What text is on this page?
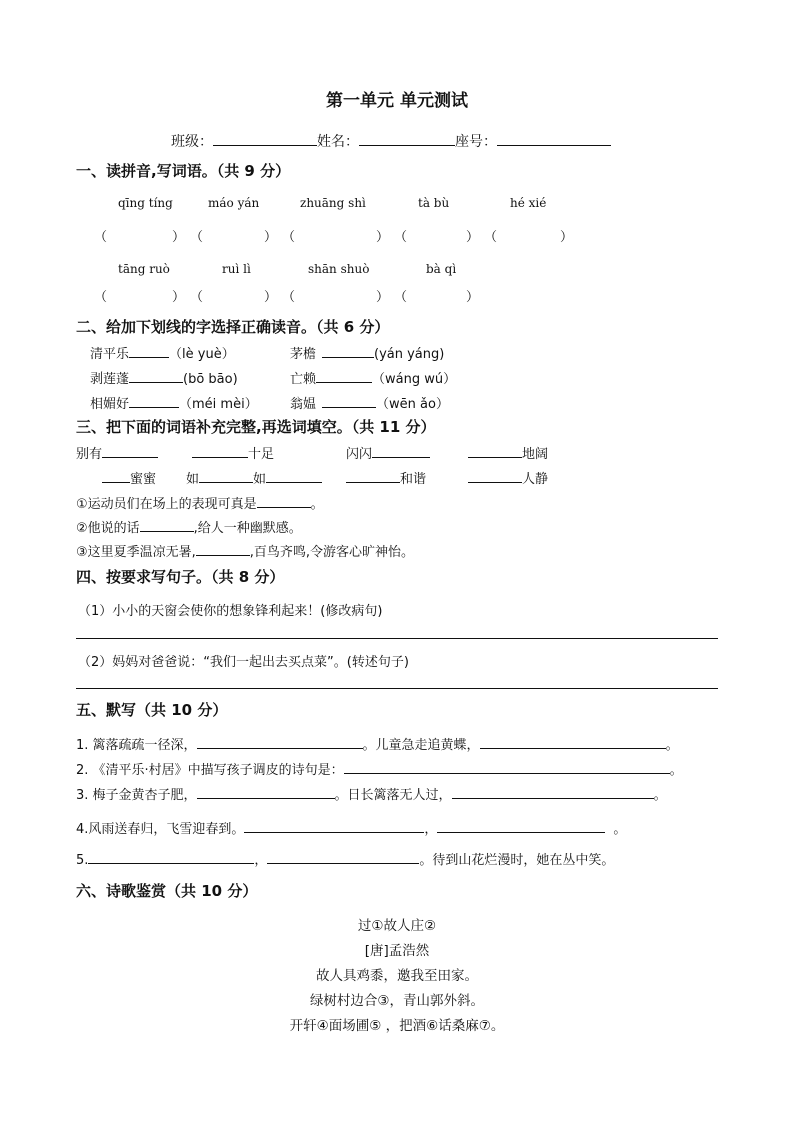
第一单元 单元测试
班级：	姓名：	座号：
一、读拼音,写词语。（共 9 分）
qīng tíng	máo yán	zhuāng shì	tà bù	hé xié
（	） （	） （	） （	） （	）
tāng ruò	ruì lì	shān shuò	bà qì
（	） （	） （	） （	）
二、给加下划线的字选择正确读音。（共 6 分）
清平乐	（lè yuè）	茅檐	(yán yáng)
剥莲蓬	(bō bāo)	亡赖	（wáng wú）
相媚好	（méi mèi） 翁媪	（wēn ǎo）
三、把下面的词语补充完整,再选词填空。（共 11 分）
别有	十足	闪闪	地阔
蜜蜜 如	如	和谐	人静
①运动员们在场上的表现可真是	。
②他说的话	,给人一种幽默感。
③这里夏季温凉无暑,	,百鸟齐鸣,令游客心旷神怡。
四、按要求写句子。（共 8 分）
（1）小小的天窗会使你的想象锋利起来！(修改病句)
（2）妈妈对爸爸说：“我们一起出去买点菜”。(转述句子)
五、默写（共 10 分）
1. 篱落疏疏一径深，	。儿童急走追黄蝶，	。
2. 《清平乐·村居》中描写孩子调皮的诗句是：	。
3. 梅子金黄杏子肥，	。日长篱落无人过，	。
4.风雨送春归，飞雪迎春到。	，	。
5.	，	。待到山花烂漫时，她在丛中笑。
六、诗歌鉴赏（共 10 分）
过①故人庄②
[唐]孟浩然
故人具鸡黍，邀我至田家。
绿树村边合③，青山郭外斜。
开轩④面场圃⑤ ，把酒⑥话桑麻⑦。
